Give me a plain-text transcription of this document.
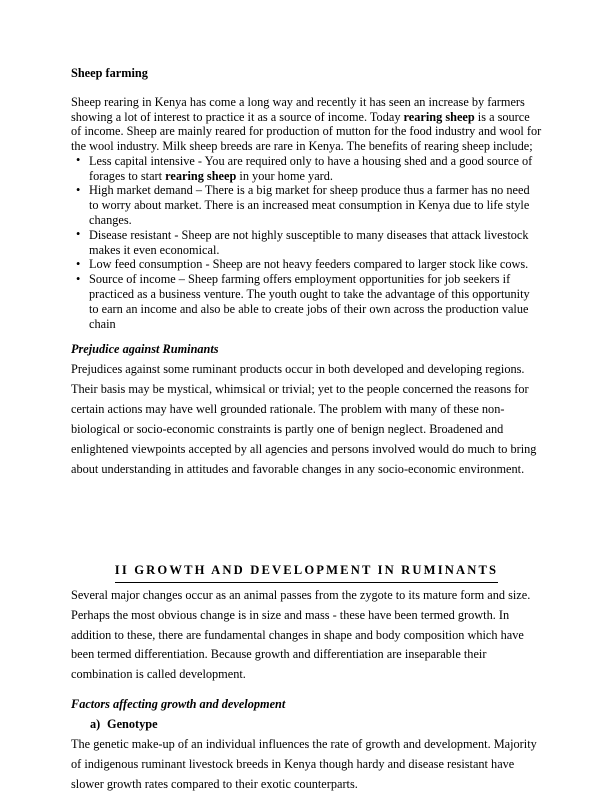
Sheep farming

Sheep rearing in Kenya has come a long way and recently it has seen an increase by farmers showing a lot of interest to practice it as a source of income. Today rearing sheep is a source of income. Sheep are mainly reared for production of mutton for the food industry and wool for the wool industry. Milk sheep breeds are rare in Kenya. The benefits of rearing sheep include;

• Less capital intensive - You are required only to have a housing shed and a good source of forages to start rearing sheep in your home yard.
• High market demand – There is a big market for sheep produce thus a farmer has no need to worry about market. There is an increased meat consumption in Kenya due to life style changes.
• Disease resistant - Sheep are not highly susceptible to many diseases that attack livestock makes it even economical.
• Low feed consumption - Sheep are not heavy feeders compared to larger stock like cows.
• Source of income – Sheep farming offers employment opportunities for job seekers if practiced as a business venture. The youth ought to take the advantage of this opportunity to earn an income and also be able to create jobs of their own across the production value chain
Prejudice against Ruminants

Prejudices against some ruminant products occur in both developed and developing regions. Their basis may be mystical, whimsical or trivial; yet to the people concerned the reasons for certain actions may have well grounded rationale. The problem with many of these non-biological or socio-economic constraints is partly one of benign neglect. Broadened and enlightened viewpoints accepted by all agencies and persons involved would do much to bring about understanding in attitudes and favorable changes in any socio-economic environment.

II GROWTH AND DEVELOPMENT IN RUMINANTS

Several major changes occur as an animal passes from the zygote to its mature form and size. Perhaps the most obvious change is in size and mass - these have been termed growth. In addition to these, there are fundamental changes in shape and body composition which have been termed differentiation. Because growth and differentiation are inseparable their combination is called development.

Factors affecting growth and development
a) Genotype

The genetic make-up of an individual influences the rate of growth and development. Majority of indigenous ruminant livestock breeds in Kenya though hardy and disease resistant have slower growth rates compared to their exotic counterparts.
